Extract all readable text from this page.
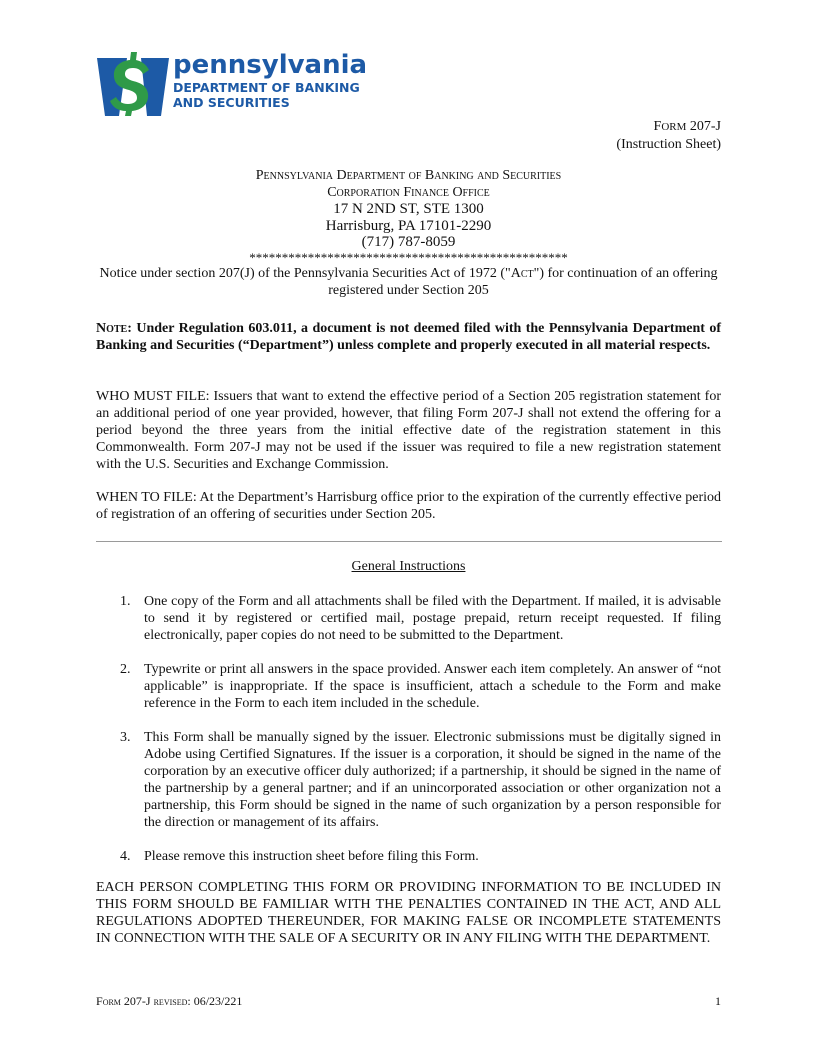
pennsylvania
DEPARTMENT OF BANKING
AND SECURITIES
FORM 207-J
(Instruction Sheet)
Pennsylvania Department of Banking and Securities
Corporation Finance Office
17 N 2ND ST, STE 1300
Harrisburg, PA 17101-2290
(717) 787-8059
*************************************************
Notice under section 207(J) of the Pennsylvania Securities Act of 1972 ("Act") for continuation of an offering registered under Section 205
Note: Under Regulation 603.011, a document is not deemed filed with the Pennsylvania Department of Banking and Securities (“Department”) unless complete and properly executed in all material respects.
WHO MUST FILE: Issuers that want to extend the effective period of a Section 205 registration statement for an additional period of one year provided, however, that filing Form 207-J shall not extend the offering for a period beyond the three years from the initial effective date of the registration statement in this Commonwealth. Form 207-J may not be used if the issuer was required to file a new registration statement with the U.S. Securities and Exchange Commission.
WHEN TO FILE: At the Department’s Harrisburg office prior to the expiration of the currently effective period of registration of an offering of securities under Section 205.
General Instructions
1. One copy of the Form and all attachments shall be filed with the Department. If mailed, it is advisable to send it by registered or certified mail, postage prepaid, return receipt requested. If filing electronically, paper copies do not need to be submitted to the Department.
2. Typewrite or print all answers in the space provided. Answer each item completely. An answer of “not applicable” is inappropriate. If the space is insufficient, attach a schedule to the Form and make reference in the Form to each item included in the schedule.
3. This Form shall be manually signed by the issuer. Electronic submissions must be digitally signed in Adobe using Certified Signatures. If the issuer is a corporation, it should be signed in the name of the corporation by an executive officer duly authorized; if a partnership, it should be signed in the name of the partnership by a general partner; and if an unincorporated association or other organization not a partnership, this Form should be signed in the name of such organization by a person responsible for the direction or management of its affairs.
4. Please remove this instruction sheet before filing this Form.
EACH PERSON COMPLETING THIS FORM OR PROVIDING INFORMATION TO BE INCLUDED IN THIS FORM SHOULD BE FAMILIAR WITH THE PENALTIES CONTAINED IN THE ACT, AND ALL REGULATIONS ADOPTED THEREUNDER, FOR MAKING FALSE OR INCOMPLETE STATEMENTS IN CONNECTION WITH THE SALE OF A SECURITY OR IN ANY FILING WITH THE DEPARTMENT.
Form 207-J revised: 06/23/221	1
